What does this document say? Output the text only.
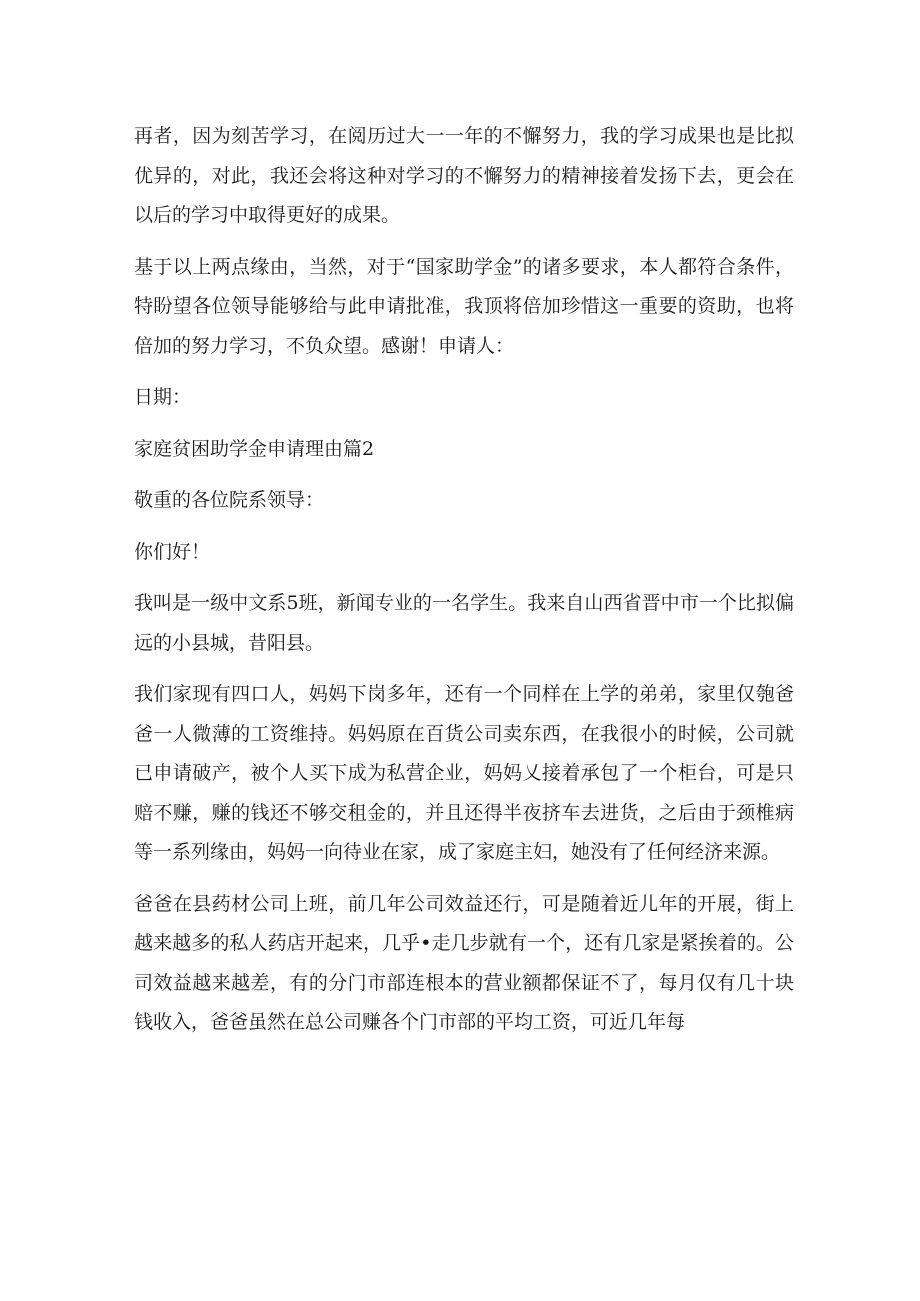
再者，因为刻苦学习，在阅历过大一一年的不懈努力，我的学习成果也是比拟优异的，对此，我还会将这种对学习的不懈努力的精神接着发扬下去，更会在以后的学习中取得更好的成果。

基于以上两点缘由，当然，对于“国家助学金”的诸多要求，本人都符合条件，特盼望各位领导能够给与此申请批准，我顶将倍加珍惜这一重要的资助，也将倍加的努力学习，不负众望。感谢！申请人：

日期：

家庭贫困助学金申请理由篇2

敬重的各位院系领导：

你们好！

我叫是一级中文系5班，新闻专业的一名学生。我来自山西省晋中市一个比拟偏远的小县城，昔阳县。

我们家现有四口人，妈妈下岗多年，还有一个同样在上学的弟弟，家里仅匏爸爸一人微薄的工资维持。妈妈原在百货公司卖东西，在我很小的时候，公司就已申请破产，被个人买下成为私营企业，妈妈乂接着承包了一个柜台，可是只赔不赚，赚的钱还不够交租金的，并且还得半夜挤车去进货，之后由于颈椎病等一系列缘由，妈妈一向待业在家，成了家庭主妇，她没有了任何经济来源。

爸爸在县药材公司上班，前几年公司效益还行，可是随着近儿年的开展，街上越来越多的私人药店开起来，几乎•走几步就有一个，还有几家是紧挨着的。公司效益越来越差，有的分门市部连根本的营业额都保证不了，每月仅有几十块钱收入，爸爸虽然在总公司赚各个门市部的平均工资，可近几年每
